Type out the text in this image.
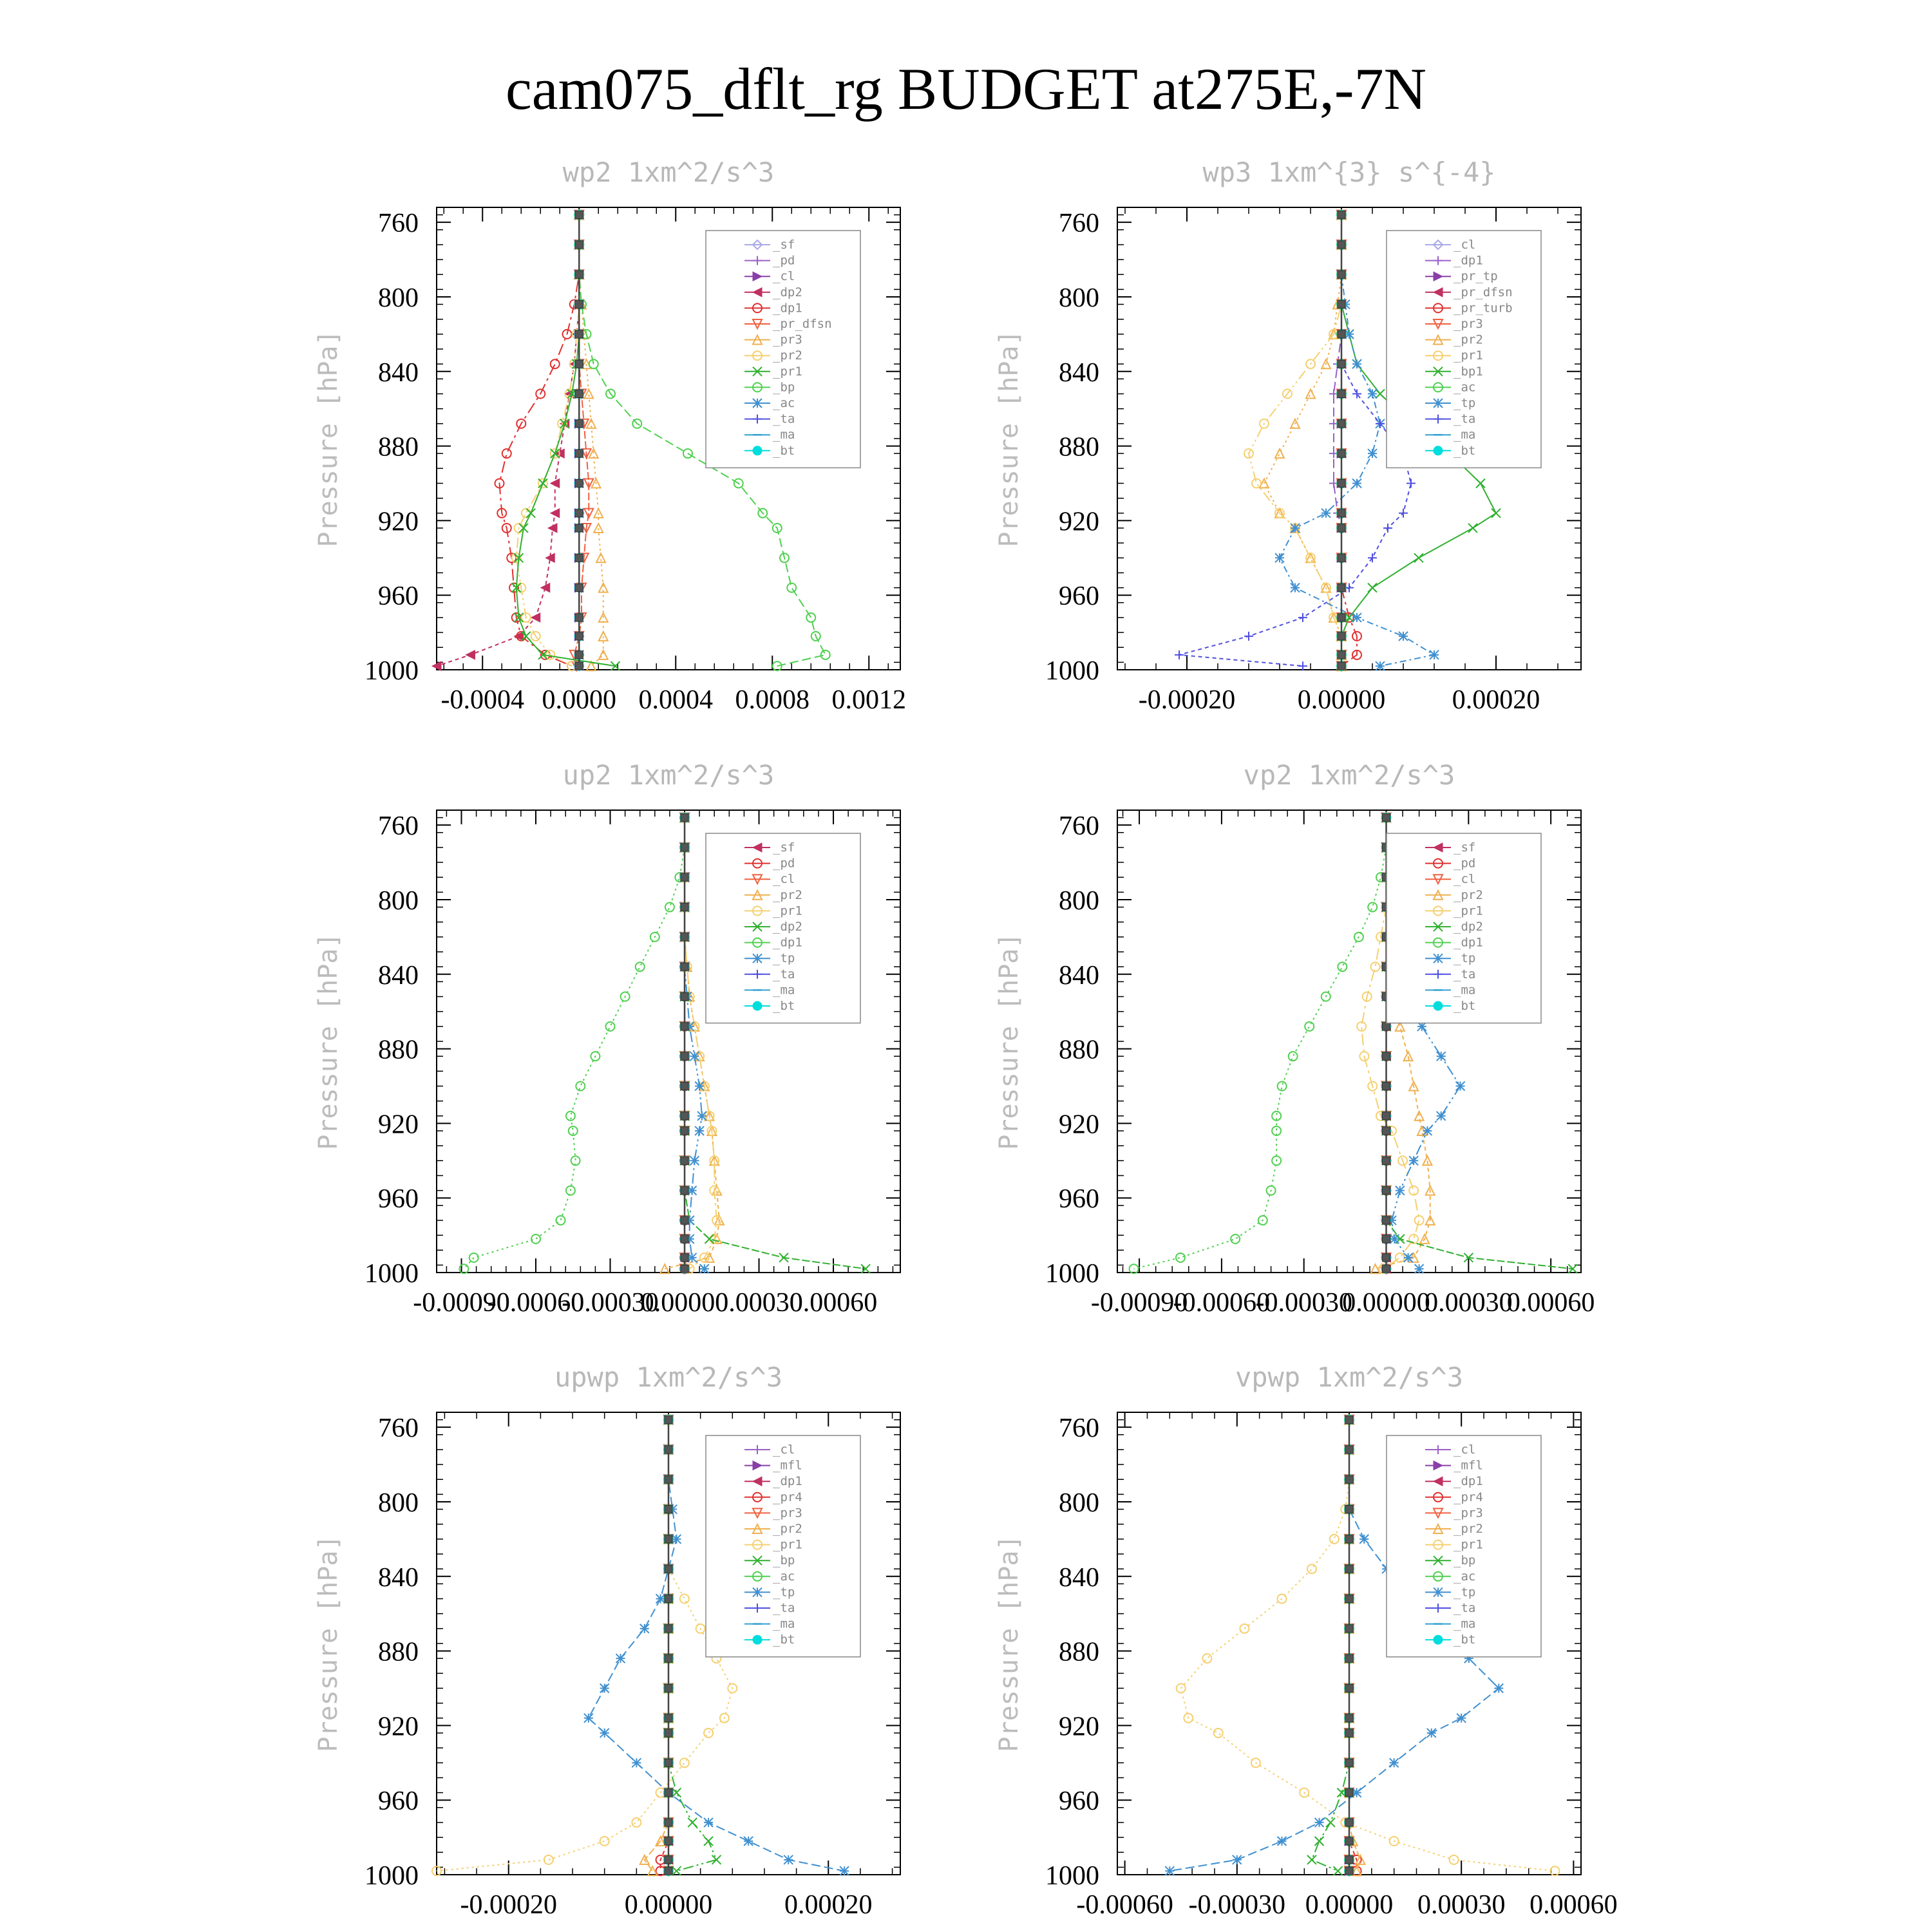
cam075_dflt_rg BUDGET at275E,-7N
wp2 1xm^2/s^3
Pressure [hPa]
760
800
840
880
920
960
1000
-0.0004 0.0000 0.0004 0.0008 0.0012
_sf
_pd
_cl
_dp2
_dp1
_pr_dfsn
_pr3
_pr2
_pr1
_bp
_ac
_ta
_ma
_bt
wp3 1xm^{3} s^{-4}
Pressure [hPa]
760
800
840
880
920
960
1000
-0.00020 0.00000 0.00020
_cl
_dp1
_pr_tp
_pr_dfsn
_pr_turb
_pr3
_pr2
_pr1
_bp1
_ac
_tp
_ta
_ma
_bt
up2 1xm^2/s^3
Pressure [hPa]
760
800
840
880
920
960
1000
-0.00090
-0.00060
-0.00030
0.00000
0.00030
0.00060
_sf
_pd
_cl
_pr2
_pr1
_dp2
_dp1
_tp
_ta
_ma
_bt
vp2 1xm^2/s^3
Pressure [hPa]
760
800
840
880
920
960
1000
-0.00090
-0.00060
-0.00030
0.00000
0.00030
0.00060
_sf
_pd
_cl
_pr2
_pr1
_dp2
_dp1
_tp
_ta
_ma
_bt
upwp 1xm^2/s^3
Pressure [hPa]
760
800
840
880
920
960
1000
-0.00020 0.00000	0.00020
_cl
_mfl
_dp1
_pr4
_pr3
_pr2
_pr1
_bp
_ac
_tp
_ta
_ma
_bt
vpwp 1xm^2/s^3
Pressure [hPa]
760
800
840
880
920
960
1000
-0.00060 -0.00030 0.00000 0.00030 0.00060
_cl
_mfl
_dp1
_pr4
_pr3
_pr2
_pr1
_bp
_ac
_tp
_ta
_ma
_bt
